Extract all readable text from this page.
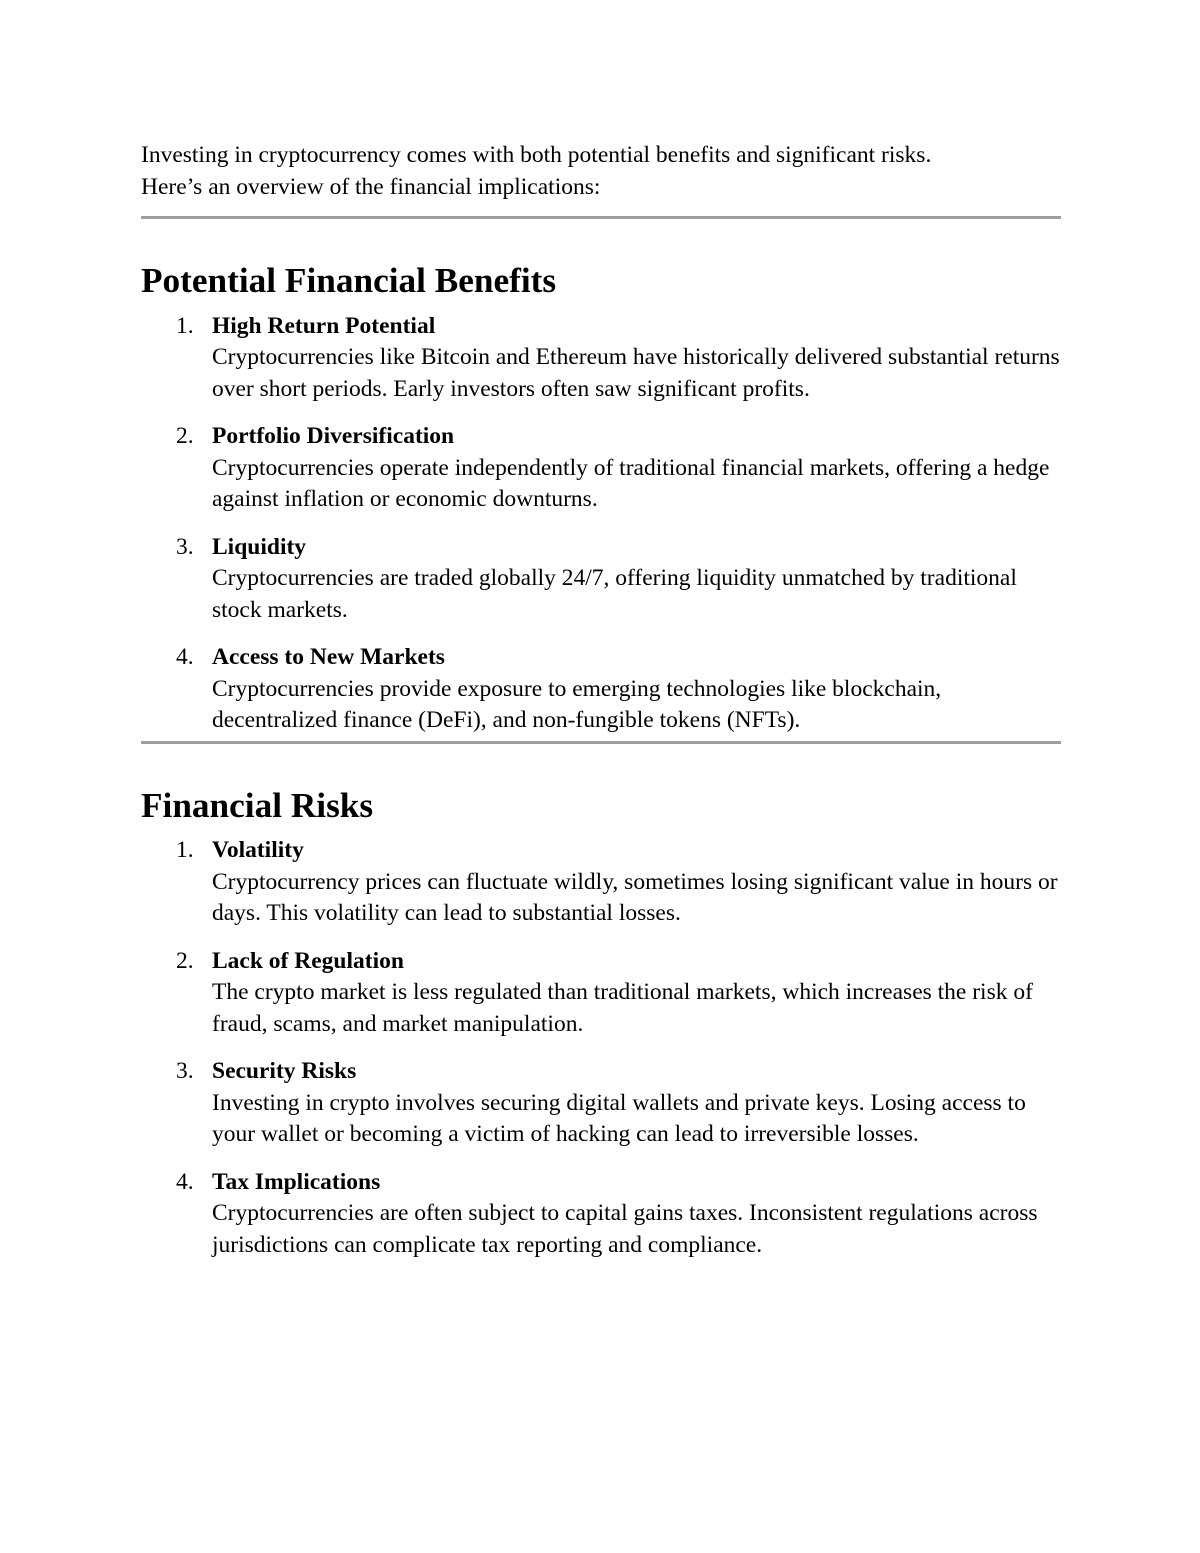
Investing in cryptocurrency comes with both potential benefits and significant risks.

Here’s an overview of the financial implications:

Potential Financial Benefits
1. High Return Potential
Cryptocurrencies like Bitcoin and Ethereum have historically delivered substantial returns over short periods. Early investors often saw significant profits.
2. Portfolio Diversification
Cryptocurrencies operate independently of traditional financial markets, offering a hedge against inflation or economic downturns.
3. Liquidity
Cryptocurrencies are traded globally 24/7, offering liquidity unmatched by traditional stock markets.
4. Access to New Markets
Cryptocurrencies provide exposure to emerging technologies like blockchain, decentralized finance (DeFi), and non-fungible tokens (NFTs).
Financial Risks
1. Volatility
Cryptocurrency prices can fluctuate wildly, sometimes losing significant value in hours or days. This volatility can lead to substantial losses.
2. Lack of Regulation
The crypto market is less regulated than traditional markets, which increases the risk of fraud, scams, and market manipulation.
3. Security Risks
Investing in crypto involves securing digital wallets and private keys. Losing access to your wallet or becoming a victim of hacking can lead to irreversible losses.
4. Tax Implications
Cryptocurrencies are often subject to capital gains taxes. Inconsistent regulations across jurisdictions can complicate tax reporting and compliance.
